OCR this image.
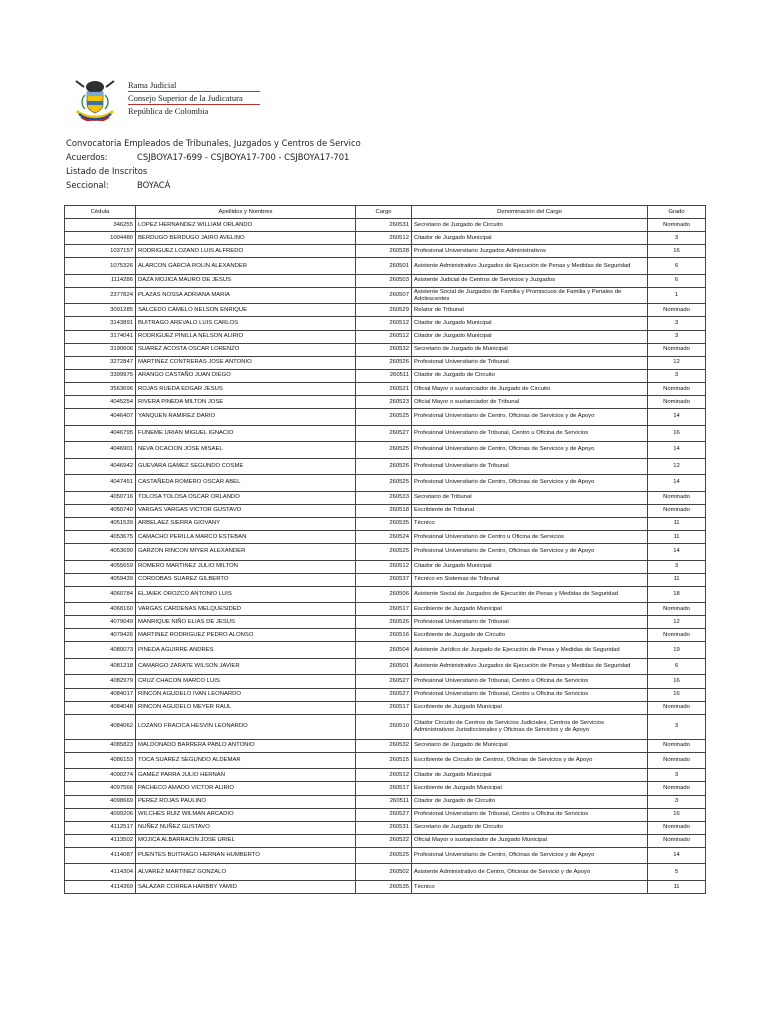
Rama Judicial
Consejo Superior de la Judicatura
República de Colombia
Convocatoria Empleados de Tribunales, Juzgados y Centros de Servico
Acuerdos:	CSJBOYA17-699 - CSJBOYA17-700 - CSJBOYA17-701
Listado de Inscritos
Seccional:	BOYACÁ
Cédula	Apellidos y Nombres	Cargo	Denominación del Cargo	Grado
346255	LOPEZ HERNANDEZ WILLIAM ORLANDO	260531	Secretario de Juzgado de Circuito	Nominado
1004480	BERDUGO BERDUGO JAIRO AVELINO	260512	Citador de Juzgado Municipal	3
1037157	RODRIGUEZ LOZANO LUIS ALFREDO	260528	Profesional Universitario Juzgados Administrativos	16
1075326	ALARCON GARCIA ROLIN ALEXANDER	260501	Asistente Administrativo Juzgados de Ejecución de Penas y Medidas de Seguridad	6
1114286	DAZA MOJICA MAURO DE JESUS	260503	Asistente Judicial de Centros de Servicios y Juzgados	6
2377824	PLAZAS NOSSA ADRIANA MARIA	260507	Asistente Social de Juzgados de Familia y Promiscuos de Familia y Penales de Adolescentes	1
3091285	SALCEDO CAMELO NELSON ENRIQUE	260529	Relator de Tribunal	Nominado
3143891	BUITRAGO AREVALO LUIS CARLOS	260512	Citador de Juzgado Municipal	3
3174041	RODRIGUEZ PINILLA NELSON ALIRIO	260512	Citador de Juzgado Municipal	3
3190606	SUAREZ ACOSTA OSCAR LORENZO	260532	Secretario de Juzgado de Municipal	Nominado
3272847	MARTINEZ CONTRERAS JOSE ANTONIO	260526	Profesional Universitario de Tribunal	12
3399975	ARANGO CASTAÑO JUAN DIEGO	260511	Citador de Juzgado de Circuito	3
3563696	ROJAS RUEDA EDGAR JESUS	260521	Oficial Mayor o sustanciador de Juzgado de Circuito	Nominado
4045254	RIVERA PINEDA MILTON JOSE	260523	Oficial Mayor o sustanciador de Tribunal	Nominado
4046407	YANQUEN RAMIREZ DARIO	260525	Profesional Universitario de Centro, Oficinas de Servicios y de Apoyo	14
4046795	FUNEME URIAN MIGUEL IGNACIO	260527	Profesional Universitario de Tribunal, Centro u Oficina de Servicios	16
4046901	NEVA OCACION JOSE MISAEL	260525	Profesional Universitario de Centro, Oficinas de Servicios y de Apoyo	14
4046942	GUEVARA GAMEZ SEGUNDO COSME	260526	Profesional Universitario de Tribunal	12
4047451	CASTAÑEDA ROMERO OSCAR ABEL	260525	Profesional Universitario de Centro, Oficinas de Servicios y de Apoyo	14
4050716	TOLOSA TOLOSA OSCAR ORLANDO	260533	Secretario de Tribunal	Nominado
4050740	VARGAS VARGAS VICTOR GUSTAVO	260518	Escribiente de Tribunal	Nominado
4051539	ARBELAEZ SIERRA GIOVANY	260535	Técnico	11
4053675	CAMACHO PERILLA MARCO ESTEBAN	260524	Profesional Universitario de Centro u Oficina de Servicios	11
4053690	GARZON RINCON MIYER ALEXANDER	260525	Profesional Universitario de Centro, Oficinas de Servicios y de Apoyo	14
4055659	ROMERO MARTINEZ JULIO MILTON	260512	Citador de Juzgado Municipal	3
4059439	CORDOBAS SUAREZ GILBERTO	260537	Técnico en Sistemas de Tribunal	11
4060784	ELJAIEK OROZCO ANTONIO LUIS	260506	Asistente Social de Juzgados de Ejecución de Penas y Medidas de Seguridad	18
4068160	VARGAS CARDENAS MELQUESIDED	260517	Escribiente de Juzgado Municipal	Nominado
4079049	MANRIQUE NIÑO ELIAS DE JESUS	260526	Profesional Universitario de Tribunal	12
4079426	MARTINEZ RODRIGUEZ PEDRO ALONSO	260516	Escribiente de Juzgado de Circuito	Nominado
4080073	PINEDA AGUIRRE ANDRES	260504	Asistente Jurídico de Juzgado de Ejecución de Penas y Medidas de Seguridad	19
4081218	CAMARGO ZARATE WILSON JAVIER	260501	Asistente Administrativo Juzgados de Ejecución de Penas y Medidas de Seguridad	6
4082979	CRUZ CHACON MARCO LUIS	260527	Profesional Universitario de Tribunal, Centro u Oficina de Servicios	16
4084017	RINCON AGUDELO IVAN LEONARDO	260527	Profesional Universitario de Tribunal, Centro u Oficina de Servicios	16
4084048	RINCON AGUDELO MEYER RAUL	260517	Escribiente de Juzgado Municipal	Nominado
4084062	LOZANO FRACICA HESVIN LEONARDO	260510	Citador Circuito de Centros de Servicios Judiciales, Centros de Servicios Administrativos Jurisdiccionales y Oficinas de Servicios y de Apoyo	3
4085823	MALDONADO BARRERA PABLO ANTONIO	260532	Secretario de Juzgado de Municipal	Nominado
4086153	TOCA SUAREZ SEGUNDO ALDEMAR	260515	Escribiente de Circuito de Centros, Oficinas de Servicios y de Apoyo	Nominado
4090274	GAMEZ PARRA JULIO HERNAN	260512	Citador de Juzgado Municipal	3
4097566	PACHECO AMADO VICTOR ALIRIO	260517	Escribiente de Juzgado Municipal	Nominado
4098669	PEREZ ROJAS PAULINO	260511	Citador de Juzgado de Circuito	3
4099206	WILCHES RUIZ WILMAN ARCADIO	260527	Profesional Universitario de Tribunal, Centro u Oficina de Servicios	16
4112517	NUÑEZ NUÑEZ GUSTAVO	260531	Secretario de Juzgado de Circuito	Nominado
4113502	MOJICA ALBARRACIN JOSE URIEL	260522	Oficial Mayor o sustanciador de Juzgado Municipal	Nominado
4114087	PUENTES BUITRAGO HERNAN HUMBERTO	260525	Profesional Universitario de Centro, Oficinas de Servicios y de Apoyo	14
4114304	ALVAREZ MARTINEZ GONZALO	260502	Asistente Administrativo de Centro, Oficinas de Servicio y de Apoyo	5
4114369	SALAZAR CORREA HARBBY YAMID	260535	Técnico	11
